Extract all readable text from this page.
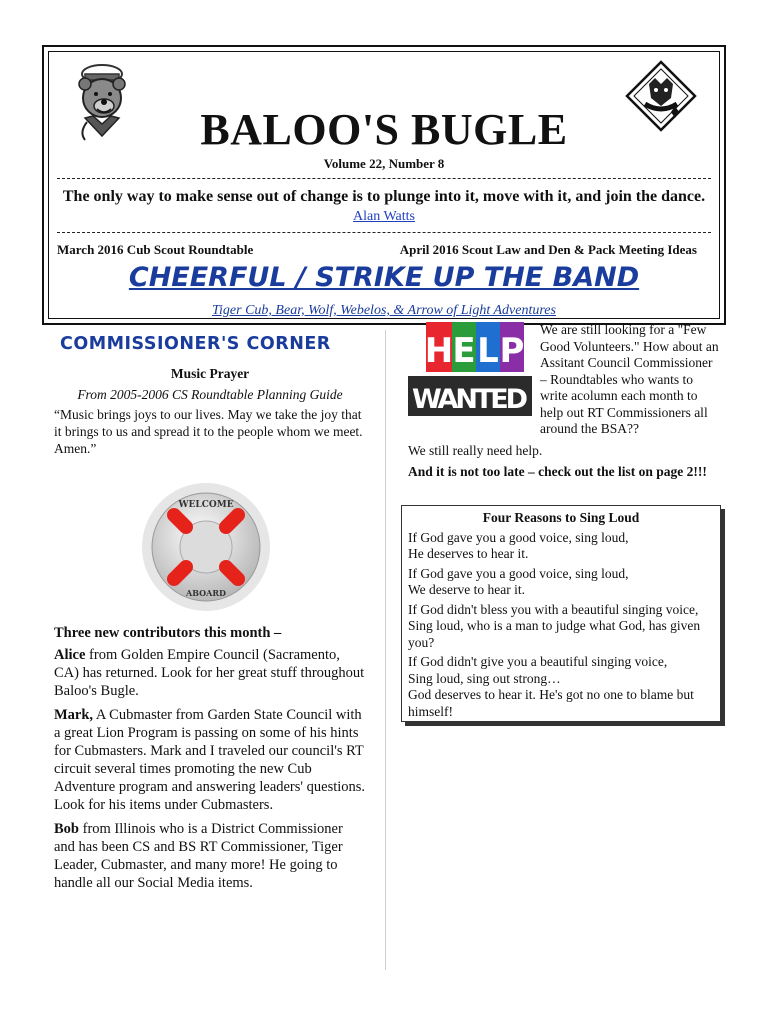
BALOO'S BUGLE
Volume 22, Number 8
The only way to make sense out of change is to plunge into it, move with it, and join the dance.
Alan Watts
March 2016 Cub Scout Roundtable	April 2016 Scout Law and Den & Pack Meeting Ideas
CHEERFUL / STRIKE UP THE BAND
Tiger Cub, Bear, Wolf, Webelos, & Arrow of Light Adventures
COMMISSIONER'S CORNER
Music Prayer
From 2005-2006 CS Roundtable Planning Guide

“Music brings joys to our lives. May we take the joy that it brings to us and spread it to the people whom we meet. Amen.”

WELCOME
ABOARD
Three new contributors this month –

Alice from Golden Empire Council (Sacramento, CA) has returned. Look for her great stuff throughout Baloo's Bugle.

Mark, A Cubmaster from Garden State Council with a great Lion Program is passing on some of his hints for Cubmasters. Mark and I traveled our council's RT circuit several times promoting the new Cub Adventure program and answering leaders' questions. Look for his items under Cubmasters.

Bob from Illinois who is a District Commissioner and has been CS and BS RT Commissioner, Tiger Leader, Cubmaster, and many more! He going to handle all our Social Media items.

H E L P
WANTED

We are still looking for a "Few Good Volunteers." How about an Assitant Council Commissioner – Roundtables who wants to write acolumn each month to help out RT Commissioners all around the BSA??

We still really need help.

And it is not too late – check out the list on page 2!!!

Four Reasons to Sing Loud

If God gave you a good voice, sing loud,
He deserves to hear it.

If God gave you a good voice, sing loud,
We deserve to hear it.

If God didn't bless you with a beautiful singing voice,
Sing loud, who is a man to judge what God, has given you?

If God didn't give you a beautiful singing voice,
Sing loud, sing out strong…
God deserves to hear it. He's got no one to blame but himself!
